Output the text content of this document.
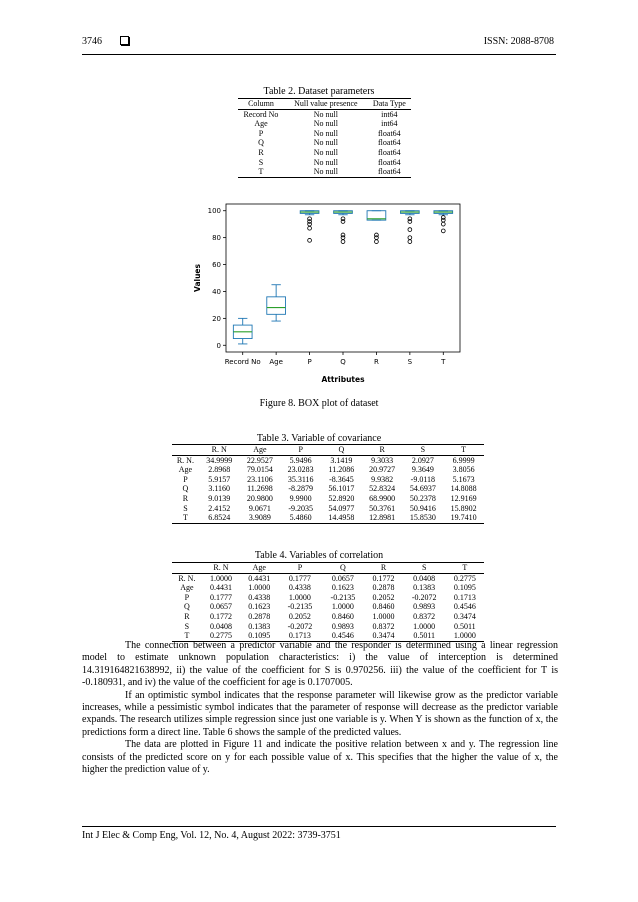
3746	ISSN: 2088-8708
Table 2. Dataset parameters
Column	Null value presence	Data Type
Record No	No null	int64
Age	No null	int64
P	No null	float64
Q	No null	float64
R	No null	float64
S	No null	float64
T	No null	float64
0
20
40
60
80
100
Record No Age	P	Q	R	S	T
Attributes
Values
Figure 8. BOX plot of dataset
Table 3. Variable of covariance
	R. N	Age	P	Q	R	S	T
R. N.	34.9999	22.9527	5.9496	3.1419	9.3033	2.0927	6.9999
Age	2.8968	79.0154	23.0283	11.2086	20.9727	9.3649	3.8056
P	5.9157	23.1106	35.3116	-8.3645	9.9382	-9.0118	5.1673
Q	3.1160	11.2698	-8.2879	56.1017	52.8324	54.6937	14.8088
R	9.0139	20.9800	9.9900	52.8920	68.9900	50.2378	12.9169
S	2.4152	9.0671	-9.2035	54.0977	50.3761	50.9416	15.8902
T	6.8524	3.9089	5.4860	14.4958	12.8981	15.8530	19.7410
Table 4. Variables of correlation
	R. N	Age	P	Q	R	S	T
R. N.	1.0000	0.4431	0.1777	0.0657	0.1772	0.0408	0.2775
Age	0.4431	1.0000	0.4338	0.1623	0.2878	0.1383	0.1095
P	0.1777	0.4338	1.0000	-0.2135	0.2052	-0.2072	0.1713
Q	0.0657	0.1623	-0.2135	1.0000	0.8460	0.9893	0.4546
R	0.1772	0.2878	0.2052	0.8460	1.0000	0.8372	0.3474
S	0.0408	0.1383	-0.2072	0.9893	0.8372	1.0000	0.5011
T	0.2775	0.1095	0.1713	0.4546	0.3474	0.5011	1.0000

The connection between a predictor variable and the responder is determined using a linear regression model to estimate unknown population characteristics: i) the value of interception is determined 14.319164821638992, ii) the value of the coefficient for S is 0.970256. iii) the value of the coefficient for T is -0.180931, and iv) the value of the coefficient for age is 0.1707005.

If an optimistic symbol indicates that the response parameter will likewise grow as the predictor variable increases, while a pessimistic symbol indicates that the parameter of response will decrease as the predictor variable expands. The research utilizes simple regression since just one variable is y. When Y is shown as the function of x, the predictions form a direct line. Table 6 shows the sample of the predicted values.

The data are plotted in Figure 11 and indicate the positive relation between x and y. The regression line consists of the predicted score on y for each possible value of x. This specifies that the higher the value of x, the higher the prediction value of y.

Int J Elec & Comp Eng, Vol. 12, No. 4, August 2022: 3739-3751
